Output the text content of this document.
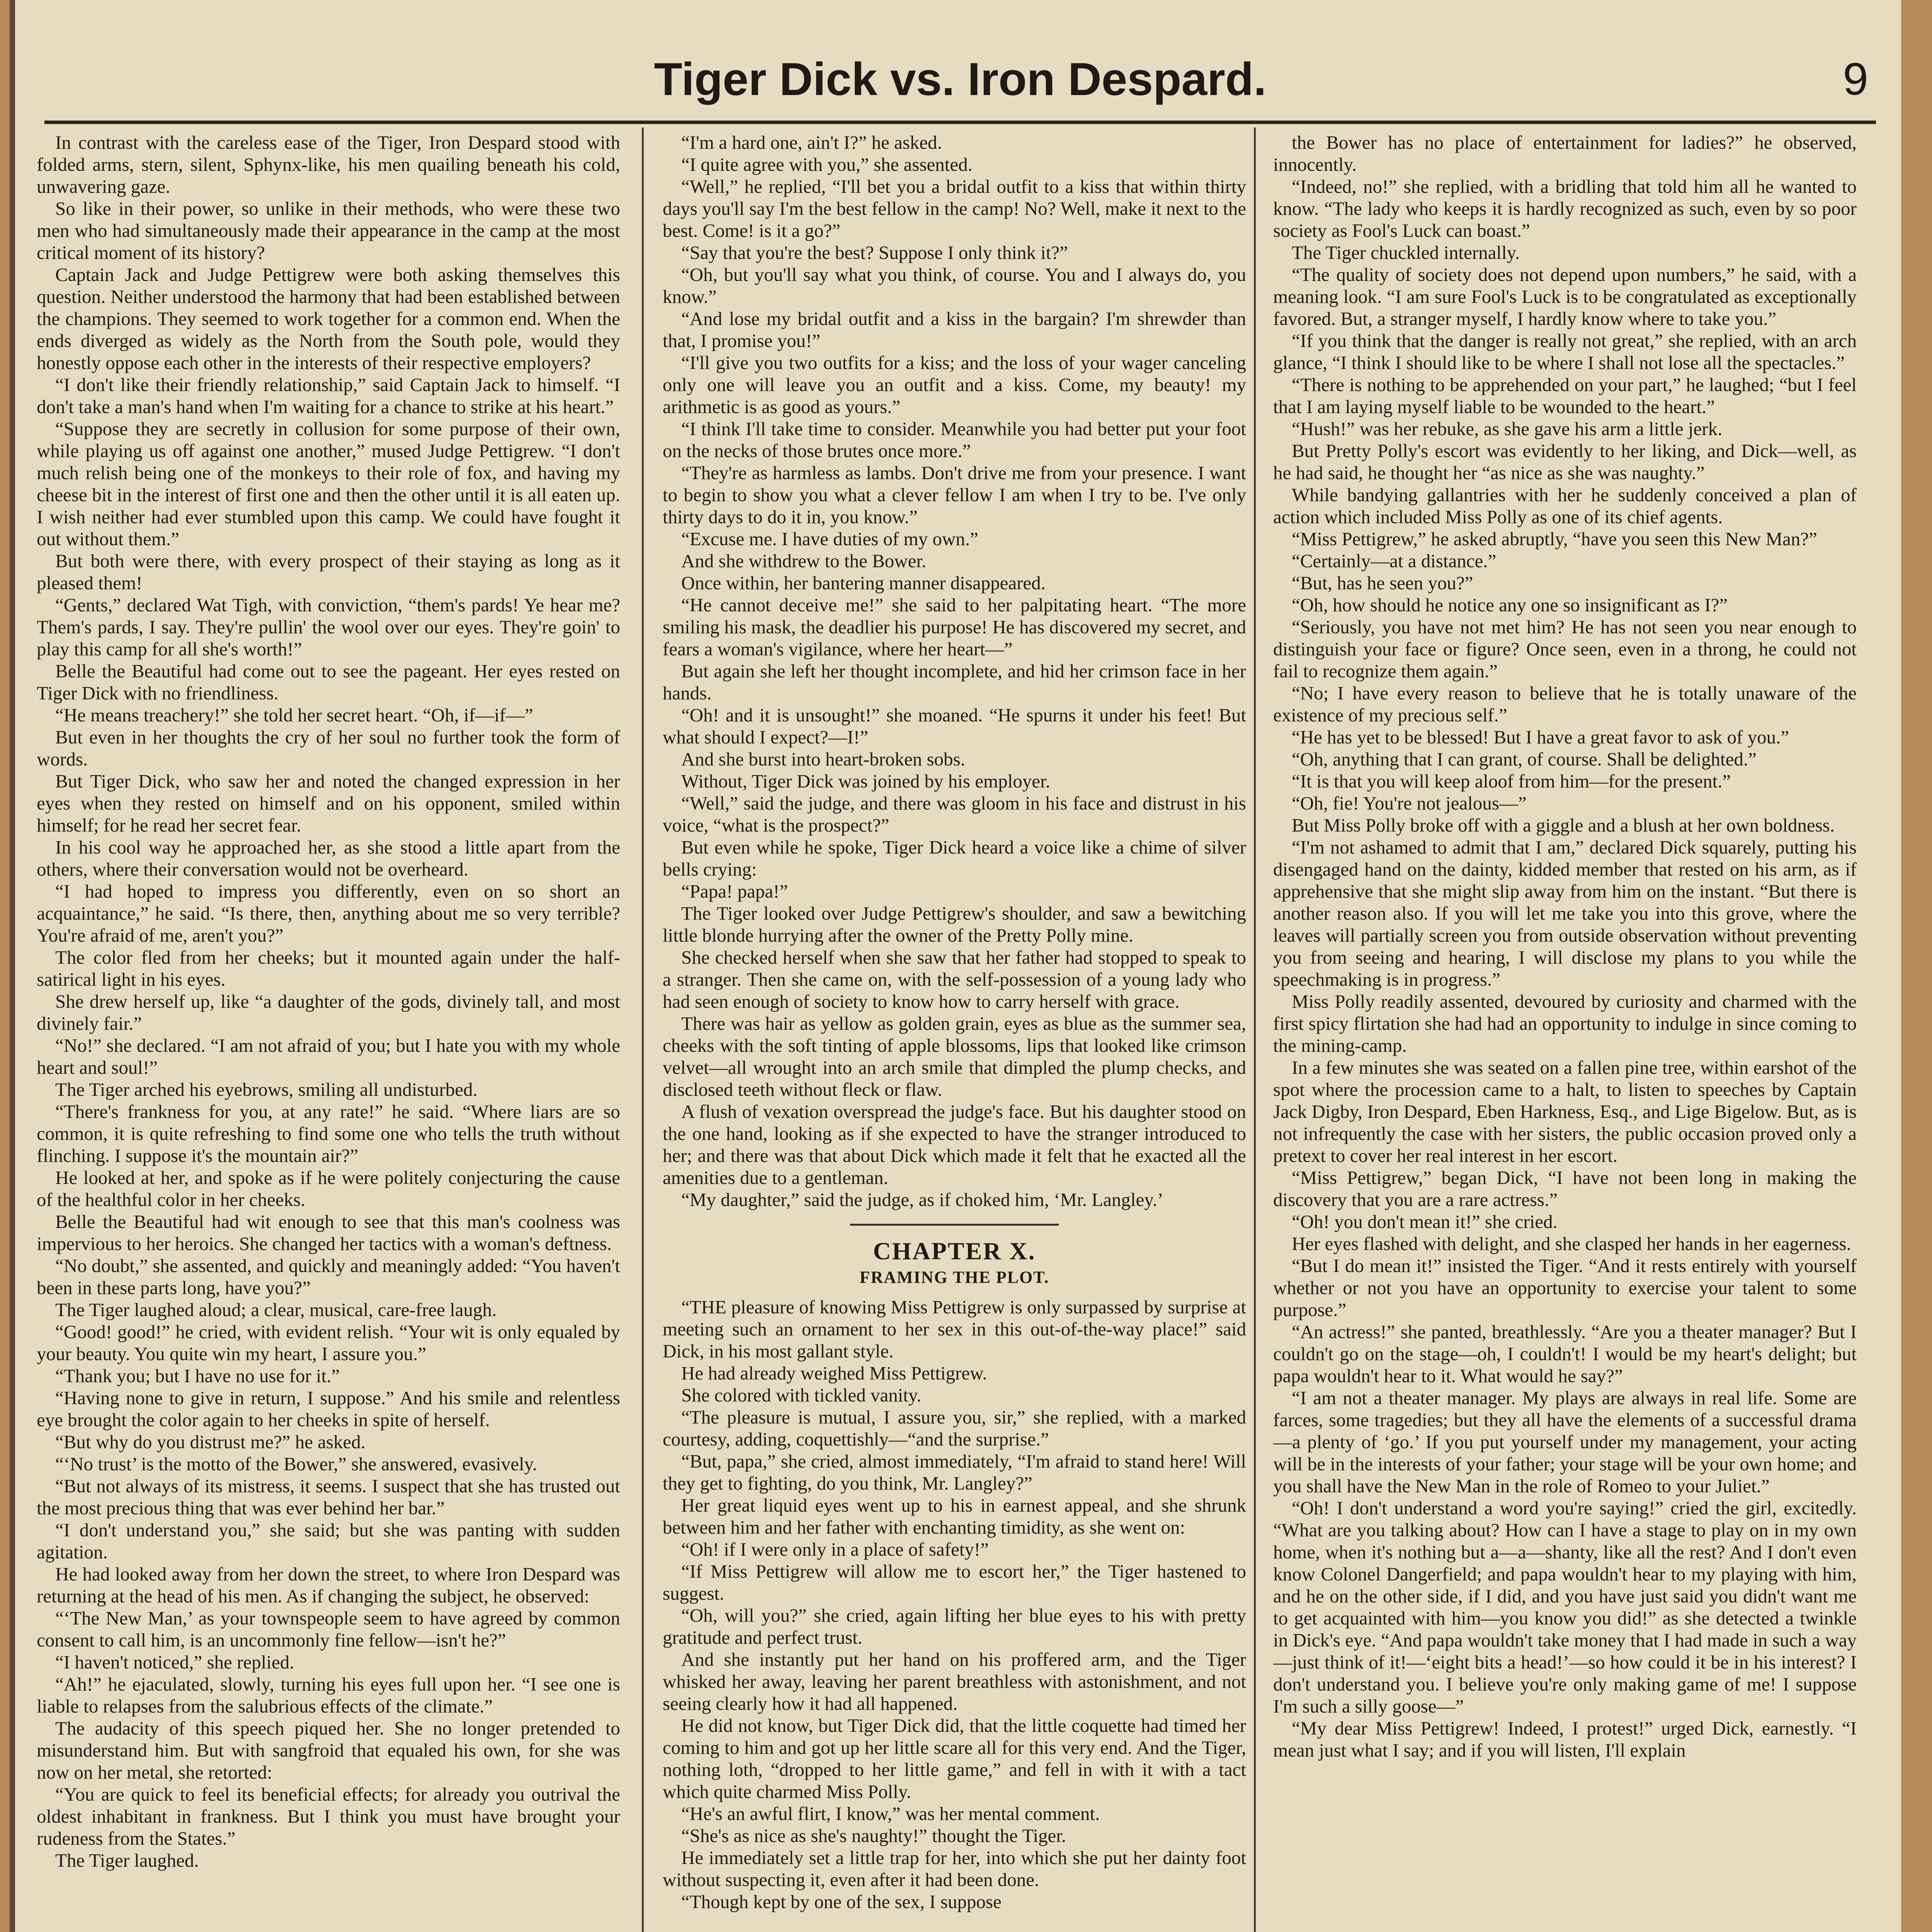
Tiger Dick vs. Iron Despard.	9

In contrast with the careless ease of the Tiger, Iron Despard stood with folded arms, stern, silent, Sphynx-like, his men quailing beneath his cold, unwavering gaze.

So like in their power, so unlike in their methods, who were these two men who had simultaneously made their appearance in the camp at the most critical moment of its history?

Captain Jack and Judge Pettigrew were both asking themselves this question. Neither understood the harmony that had been established between the champions. They seemed to work together for a common end. When the ends diverged as widely as the North from the South pole, would they honestly oppose each other in the interests of their respective employers?

“I don't like their friendly relationship,” said Captain Jack to himself. “I don't take a man's hand when I'm waiting for a chance to strike at his heart.”

“Suppose they are secretly in collusion for some purpose of their own, while playing us off against one another,” mused Judge Pettigrew. “I don't much relish being one of the monkeys to their role of fox, and having my cheese bit in the interest of first one and then the other until it is all eaten up. I wish neither had ever stumbled upon this camp. We could have fought it out without them.”

But both were there, with every prospect of their staying as long as it pleased them!

“Gents,” declared Wat Tigh, with conviction, “them's pards! Ye hear me? Them's pards, I say. They're pullin' the wool over our eyes. They're goin' to play this camp for all she's worth!”

Belle the Beautiful had come out to see the pageant. Her eyes rested on Tiger Dick with no friendliness.

“He means treachery!” she told her secret heart. “Oh, if—if—”

But even in her thoughts the cry of her soul no further took the form of words.

But Tiger Dick, who saw her and noted the changed expression in her eyes when they rested on himself and on his opponent, smiled within himself; for he read her secret fear.

In his cool way he approached her, as she stood a little apart from the others, where their conversation would not be overheard.

“I had hoped to impress you differently, even on so short an acquaintance,” he said. “Is there, then, anything about me so very terrible? You're afraid of me, aren't you?”

The color fled from her cheeks; but it mounted again under the half-satirical light in his eyes.

She drew herself up, like “a daughter of the gods, divinely tall, and most divinely fair.”

“No!” she declared. “I am not afraid of you; but I hate you with my whole heart and soul!”

The Tiger arched his eyebrows, smiling all undisturbed.

“There's frankness for you, at any rate!” he said. “Where liars are so common, it is quite refreshing to find some one who tells the truth without flinching. I suppose it's the mountain air?”

He looked at her, and spoke as if he were politely conjecturing the cause of the healthful color in her cheeks.

Belle the Beautiful had wit enough to see that this man's coolness was impervious to her heroics. She changed her tactics with a woman's deftness.

“No doubt,” she assented, and quickly and meaningly added: “You haven't been in these parts long, have you?”

The Tiger laughed aloud; a clear, musical, care-free laugh.

“Good! good!” he cried, with evident relish. “Your wit is only equaled by your beauty. You quite win my heart, I assure you.”

“Thank you; but I have no use for it.”

“Having none to give in return, I suppose.” And his smile and relentless eye brought the color again to her cheeks in spite of herself.

“But why do you distrust me?” he asked.

“‘No trust’ is the motto of the Bower,” she answered, evasively.

“But not always of its mistress, it seems. I suspect that she has trusted out the most precious thing that was ever behind her bar.”

“I don't understand you,” she said; but she was panting with sudden agitation.

He had looked away from her down the street, to where Iron Despard was returning at the head of his men. As if changing the subject, he observed:

“‘The New Man,’ as your townspeople seem to have agreed by common consent to call him, is an uncommonly fine fellow—isn't he?”

“I haven't noticed,” she replied.

“Ah!” he ejaculated, slowly, turning his eyes full upon her. “I see one is liable to relapses from the salubrious effects of the climate.”

The audacity of this speech piqued her. She no longer pretended to misunderstand him. But with sangfroid that equaled his own, for she was now on her metal, she retorted:

“You are quick to feel its beneficial effects; for already you outrival the oldest inhabitant in frankness. But I think you must have brought your rudeness from the States.”

The Tiger laughed.

“I'm a hard one, ain't I?” he asked.

“I quite agree with you,” she assented.

“Well,” he replied, “I'll bet you a bridal outfit to a kiss that within thirty days you'll say I'm the best fellow in the camp! No? Well, make it next to the best. Come! is it a go?”

“Say that you're the best? Suppose I only think it?”

“Oh, but you'll say what you think, of course. You and I always do, you know.”

“And lose my bridal outfit and a kiss in the bargain? I'm shrewder than that, I promise you!”

“I'll give you two outfits for a kiss; and the loss of your wager canceling only one will leave you an outfit and a kiss. Come, my beauty! my arithmetic is as good as yours.”

“I think I'll take time to consider. Meanwhile you had better put your foot on the necks of those brutes once more.”

“They're as harmless as lambs. Don't drive me from your presence. I want to begin to show you what a clever fellow I am when I try to be. I've only thirty days to do it in, you know.”

“Excuse me. I have duties of my own.”

And she withdrew to the Bower.

Once within, her bantering manner disappeared.

“He cannot deceive me!” she said to her palpitating heart. “The more smiling his mask, the deadlier his purpose! He has discovered my secret, and fears a woman's vigilance, where her heart—”

But again she left her thought incomplete, and hid her crimson face in her hands.

“Oh! and it is unsought!” she moaned. “He spurns it under his feet! But what should I expect?—I!”

And she burst into heart-broken sobs.

Without, Tiger Dick was joined by his employer.

“Well,” said the judge, and there was gloom in his face and distrust in his voice, “what is the prospect?”

But even while he spoke, Tiger Dick heard a voice like a chime of silver bells crying:

“Papa! papa!”

The Tiger looked over Judge Pettigrew's shoulder, and saw a bewitching little blonde hurrying after the owner of the Pretty Polly mine.

She checked herself when she saw that her father had stopped to speak to a stranger. Then she came on, with the self-possession of a young lady who had seen enough of society to know how to carry herself with grace.

There was hair as yellow as golden grain, eyes as blue as the summer sea, cheeks with the soft tinting of apple blossoms, lips that looked like crimson velvet—all wrought into an arch smile that dimpled the plump checks, and disclosed teeth without fleck or flaw.

A flush of vexation overspread the judge's face. But his daughter stood on the one hand, looking as if she expected to have the stranger introduced to her; and there was that about Dick which made it felt that he exacted all the amenities due to a gentleman.

“My daughter,” said the judge, as if choked him, ‘Mr. Langley.’

CHAPTER X.
FRAMING THE PLOT.

“THE pleasure of knowing Miss Pettigrew is only surpassed by surprise at meeting such an ornament to her sex in this out-of-the-way place!” said Dick, in his most gallant style.

He had already weighed Miss Pettigrew.

She colored with tickled vanity.

“The pleasure is mutual, I assure you, sir,” she replied, with a marked courtesy, adding, coquettishly—“and the surprise.”

“But, papa,” she cried, almost immediately, “I'm afraid to stand here! Will they get to fighting, do you think, Mr. Langley?”

Her great liquid eyes went up to his in earnest appeal, and she shrunk between him and her father with enchanting timidity, as she went on:

“Oh! if I were only in a place of safety!”

“If Miss Pettigrew will allow me to escort her,” the Tiger hastened to suggest.

“Oh, will you?” she cried, again lifting her blue eyes to his with pretty gratitude and perfect trust.

And she instantly put her hand on his proffered arm, and the Tiger whisked her away, leaving her parent breathless with astonishment, and not seeing clearly how it had all happened.

He did not know, but Tiger Dick did, that the little coquette had timed her coming to him and got up her little scare all for this very end. And the Tiger, nothing loth, “dropped to her little game,” and fell in with it with a tact which quite charmed Miss Polly.

“He's an awful flirt, I know,” was her mental comment.

“She's as nice as she's naughty!” thought the Tiger.

He immediately set a little trap for her, into which she put her dainty foot without suspecting it, even after it had been done.

“Though kept by one of the sex, I suppose

the Bower has no place of entertainment for ladies?” he observed, innocently.

“Indeed, no!” she replied, with a bridling that told him all he wanted to know. “The lady who keeps it is hardly recognized as such, even by so poor society as Fool's Luck can boast.”

The Tiger chuckled internally.

“The quality of society does not depend upon numbers,” he said, with a meaning look. “I am sure Fool's Luck is to be congratulated as exceptionally favored. But, a stranger myself, I hardly know where to take you.”

“If you think that the danger is really not great,” she replied, with an arch glance, “I think I should like to be where I shall not lose all the spectacles.”

“There is nothing to be apprehended on your part,” he laughed; “but I feel that I am laying myself liable to be wounded to the heart.”

“Hush!” was her rebuke, as she gave his arm a little jerk.

But Pretty Polly's escort was evidently to her liking, and Dick—well, as he had said, he thought her “as nice as she was naughty.”

While bandying gallantries with her he suddenly conceived a plan of action which included Miss Polly as one of its chief agents.

“Miss Pettigrew,” he asked abruptly, “have you seen this New Man?”

“Certainly—at a distance.”

“But, has he seen you?”

“Oh, how should he notice any one so insignificant as I?”

“Seriously, you have not met him? He has not seen you near enough to distinguish your face or figure? Once seen, even in a throng, he could not fail to recognize them again.”

“No; I have every reason to believe that he is totally unaware of the existence of my precious self.”

“He has yet to be blessed! But I have a great favor to ask of you.”

“Oh, anything that I can grant, of course. Shall be delighted.”

“It is that you will keep aloof from him—for the present.”

“Oh, fie! You're not jealous—”

But Miss Polly broke off with a giggle and a blush at her own boldness.

“I'm not ashamed to admit that I am,” declared Dick squarely, putting his disengaged hand on the dainty, kidded member that rested on his arm, as if apprehensive that she might slip away from him on the instant. “But there is another reason also. If you will let me take you into this grove, where the leaves will partially screen you from outside observation without preventing you from seeing and hearing, I will disclose my plans to you while the speechmaking is in progress.”

Miss Polly readily assented, devoured by curiosity and charmed with the first spicy flirtation she had had an opportunity to indulge in since coming to the mining-camp.

In a few minutes she was seated on a fallen pine tree, within earshot of the spot where the procession came to a halt, to listen to speeches by Captain Jack Digby, Iron Despard, Eben Harkness, Esq., and Lige Bigelow. But, as is not infrequently the case with her sisters, the public occasion proved only a pretext to cover her real interest in her escort.

“Miss Pettigrew,” began Dick, “I have not been long in making the discovery that you are a rare actress.”

“Oh! you don't mean it!” she cried.

Her eyes flashed with delight, and she clasped her hands in her eagerness.

“But I do mean it!” insisted the Tiger. “And it rests entirely with yourself whether or not you have an opportunity to exercise your talent to some purpose.”

“An actress!” she panted, breathlessly. “Are you a theater manager? But I couldn't go on the stage—oh, I couldn't! I would be my heart's delight; but papa wouldn't hear to it. What would he say?”

“I am not a theater manager. My plays are always in real life. Some are farces, some tragedies; but they all have the elements of a successful drama—a plenty of ‘go.’ If you put yourself under my management, your acting will be in the interests of your father; your stage will be your own home; and you shall have the New Man in the role of Romeo to your Juliet.”

“Oh! I don't understand a word you're saying!” cried the girl, excitedly. “What are you talking about? How can I have a stage to play on in my own home, when it's nothing but a—a—shanty, like all the rest? And I don't even know Colonel Dangerfield; and papa wouldn't hear to my playing with him, and he on the other side, if I did, and you have just said you didn't want me to get acquainted with him—you know you did!” as she detected a twinkle in Dick's eye. “And papa wouldn't take money that I had made in such a way—just think of it!—‘eight bits a head!’—so how could it be in his interest? I don't understand you. I believe you're only making game of me! I suppose I'm such a silly goose—”

“My dear Miss Pettigrew! Indeed, I protest!” urged Dick, earnestly. “I mean just what I say; and if you will listen, I'll explain
